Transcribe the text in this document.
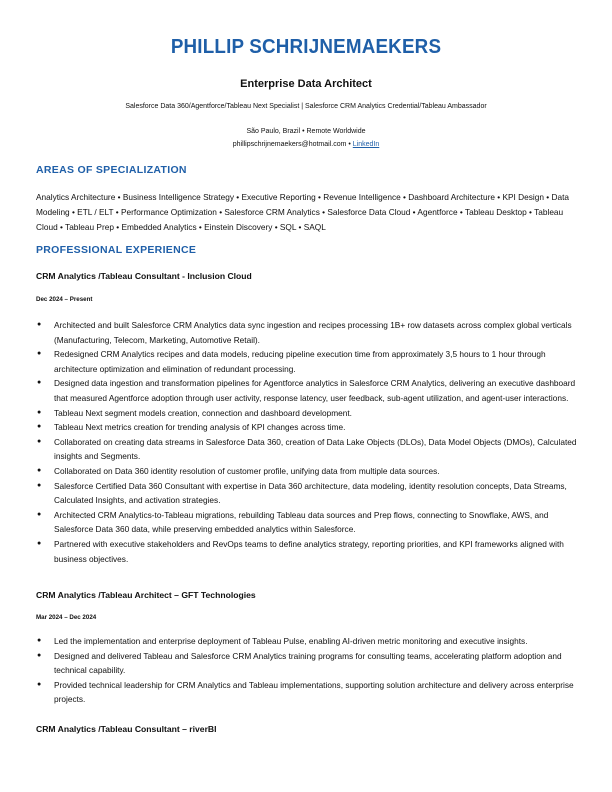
PHILLIP SCHRIJNEMAEKERS
Enterprise Data Architect
Salesforce Data 360/Agentforce/Tableau Next Specialist | Salesforce CRM Analytics Credential/Tableau Ambassador
São Paulo, Brazil • Remote Worldwide
phillipschrijnemaekers@hotmail.com • LinkedIn
AREAS OF SPECIALIZATION
Analytics Architecture • Business Intelligence Strategy • Executive Reporting • Revenue Intelligence • Dashboard Architecture • KPI Design • Data Modeling • ETL / ELT • Performance Optimization • Salesforce CRM Analytics • Salesforce Data Cloud • Agentforce • Tableau Desktop • Tableau Cloud • Tableau Prep • Embedded Analytics • Einstein Discovery • SQL • SAQL
PROFESSIONAL EXPERIENCE
CRM Analytics /Tableau Consultant - Inclusion Cloud
Dec 2024 – Present
● Architected and built Salesforce CRM Analytics data sync ingestion and recipes processing 1B+ row datasets across complex global verticals (Manufacturing, Telecom, Marketing, Automotive Retail).
● Redesigned CRM Analytics recipes and data models, reducing pipeline execution time from approximately 3,5 hours to 1 hour through architecture optimization and elimination of redundant processing.
● Designed data ingestion and transformation pipelines for Agentforce analytics in Salesforce CRM Analytics, delivering an executive dashboard that measured Agentforce adoption through user activity, response latency, user feedback, sub-agent utilization, and agent-user interactions.
● Tableau Next segment models creation, connection and dashboard development.
● Tableau Next metrics creation for trending analysis of KPI changes across time.
● Collaborated on creating data streams in Salesforce Data 360, creation of Data Lake Objects (DLOs), Data Model Objects (DMOs), Calculated insights and Segments.
● Collaborated on Data 360 identity resolution of customer profile, unifying data from multiple data sources.
● Salesforce Certified Data 360 Consultant with expertise in Data 360 architecture, data modeling, identity resolution concepts, Data Streams, Calculated Insights, and activation strategies.
● Architected CRM Analytics-to-Tableau migrations, rebuilding Tableau data sources and Prep flows, connecting to Snowflake, AWS, and Salesforce Data 360 data, while preserving embedded analytics within Salesforce.
● Partnered with executive stakeholders and RevOps teams to define analytics strategy, reporting priorities, and KPI frameworks aligned with business objectives.
CRM Analytics /Tableau Architect – GFT Technologies
Mar 2024 – Dec 2024
● Led the implementation and enterprise deployment of Tableau Pulse, enabling AI-driven metric monitoring and executive insights.
● Designed and delivered Tableau and Salesforce CRM Analytics training programs for consulting teams, accelerating platform adoption and technical capability.
● Provided technical leadership for CRM Analytics and Tableau implementations, supporting solution architecture and delivery across enterprise projects.
CRM Analytics /Tableau Consultant – riverBI
